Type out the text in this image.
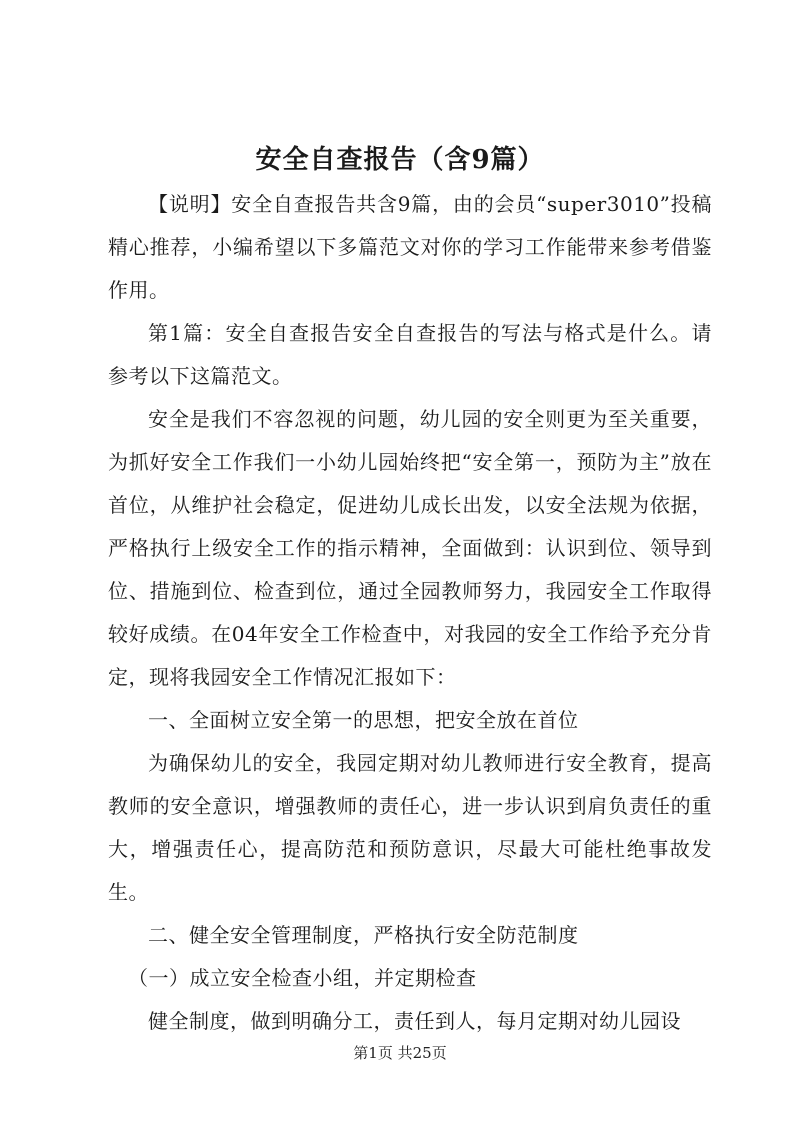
安全自查报告（含9篇）

【说明】安全自查报告共含9篇，由的会员“super3010”投稿精心推荐，小编希望以下多篇范文对你的学习工作能带来参考借鉴作用。

第1篇：安全自查报告安全自查报告的写法与格式是什么。请参考以下这篇范文。

安全是我们不容忽视的问题，幼儿园的安全则更为至关重要，为抓好安全工作我们一小幼儿园始终把“安全第一，预防为主”放在首位，从维护社会稳定，促进幼儿成长出发，以安全法规为依据，严格执行上级安全工作的指示精神，全面做到：认识到位、领导到位、措施到位、检查到位，通过全园教师努力，我园安全工作取得较好成绩。在04年安全工作检查中，对我园的安全工作给予充分肯定，现将我园安全工作情况汇报如下：

一、全面树立安全第一的思想，把安全放在首位

为确保幼儿的安全，我园定期对幼儿教师进行安全教育，提高教师的安全意识，增强教师的责任心，进一步认识到肩负责任的重大，增强责任心，提高防范和预防意识，尽最大可能杜绝事故发生。

二、健全安全管理制度，严格执行安全防范制度

（一）成立安全检查小组，并定期检查

健全制度，做到明确分工，责任到人，每月定期对幼儿园设

第1页 共25页
